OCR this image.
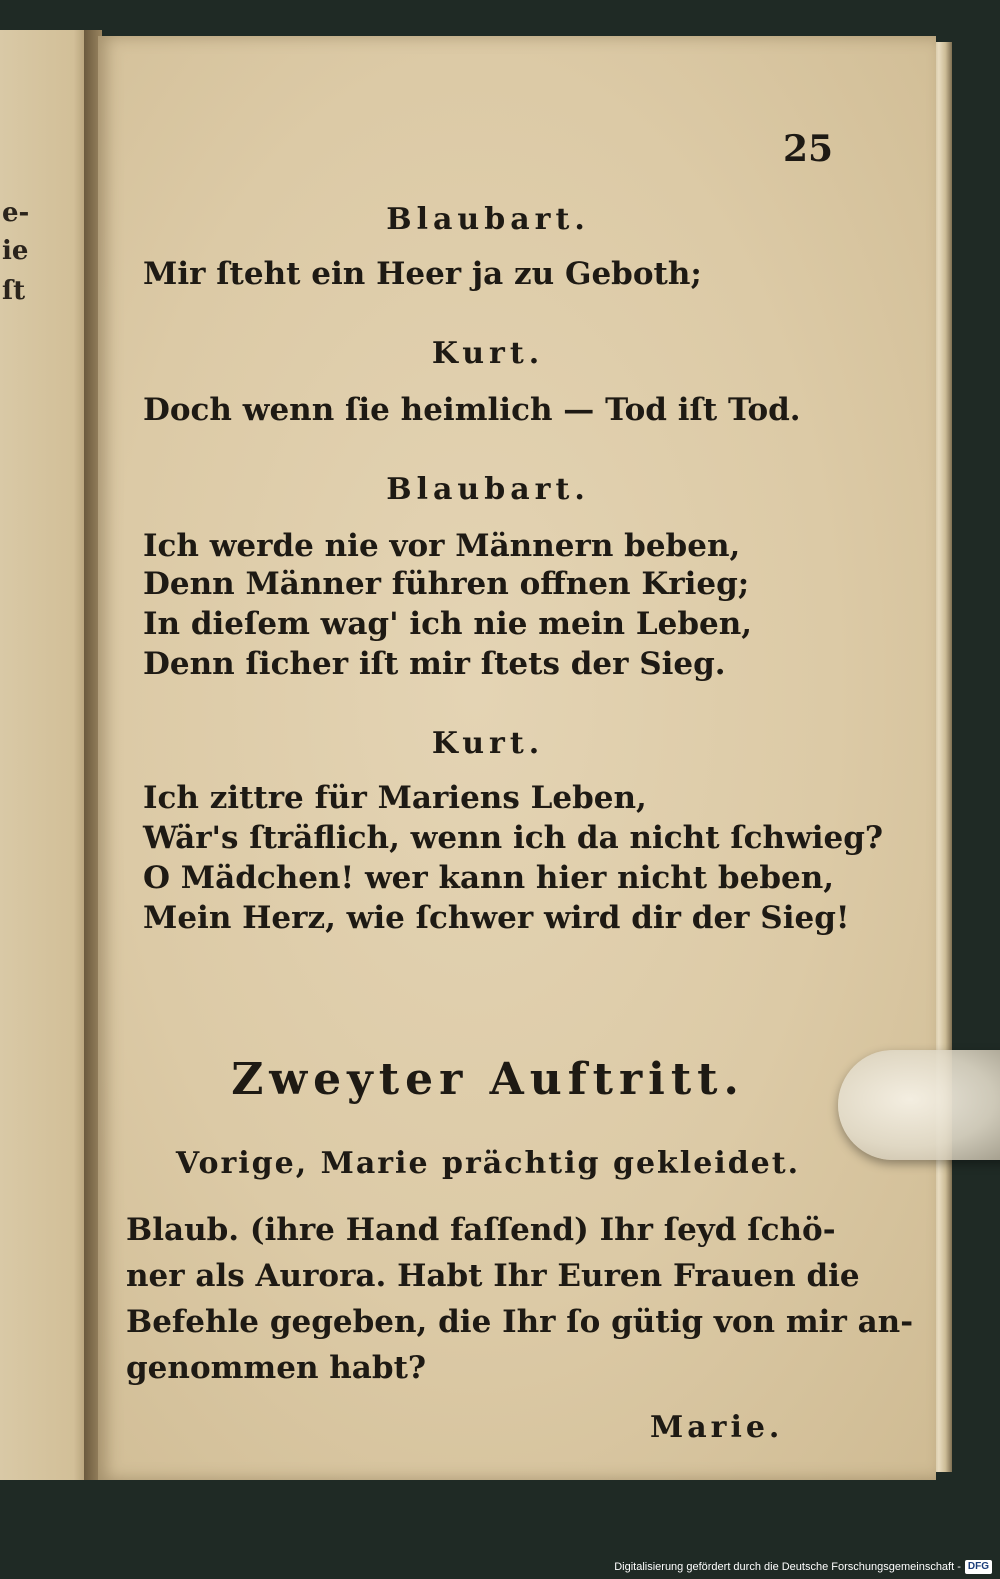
e-
ie
ſt
25
Blaubart.
Mir ſteht ein Heer ja zu Geboth;
Kurt.
Doch wenn ſie heimlich — Tod iſt Tod.
Blaubart.
Ich werde nie vor Männern beben,
Denn Männer führen offnen Krieg;
In dieſem wag' ich nie mein Leben,
Denn ſicher iſt mir ſtets der Sieg.
Kurt.
Ich zittre für Mariens Leben,
Wär's ſträflich, wenn ich da nicht ſchwieg?
O Mädchen! wer kann hier nicht beben,
Mein Herz, wie ſchwer wird dir der Sieg!
Zweyter Auftritt.
Vorige, Marie prächtig gekleidet.
Blaub. (ihre Hand faſſend) Ihr ſeyd ſchö-
ner als Aurora. Habt Ihr Euren Frauen die
Befehle gegeben, die Ihr ſo gütig von mir an-
genommen habt?
Marie.
Digitalisierung gefördert durch die Deutsche Forschungsgemeinschaft - DFG
